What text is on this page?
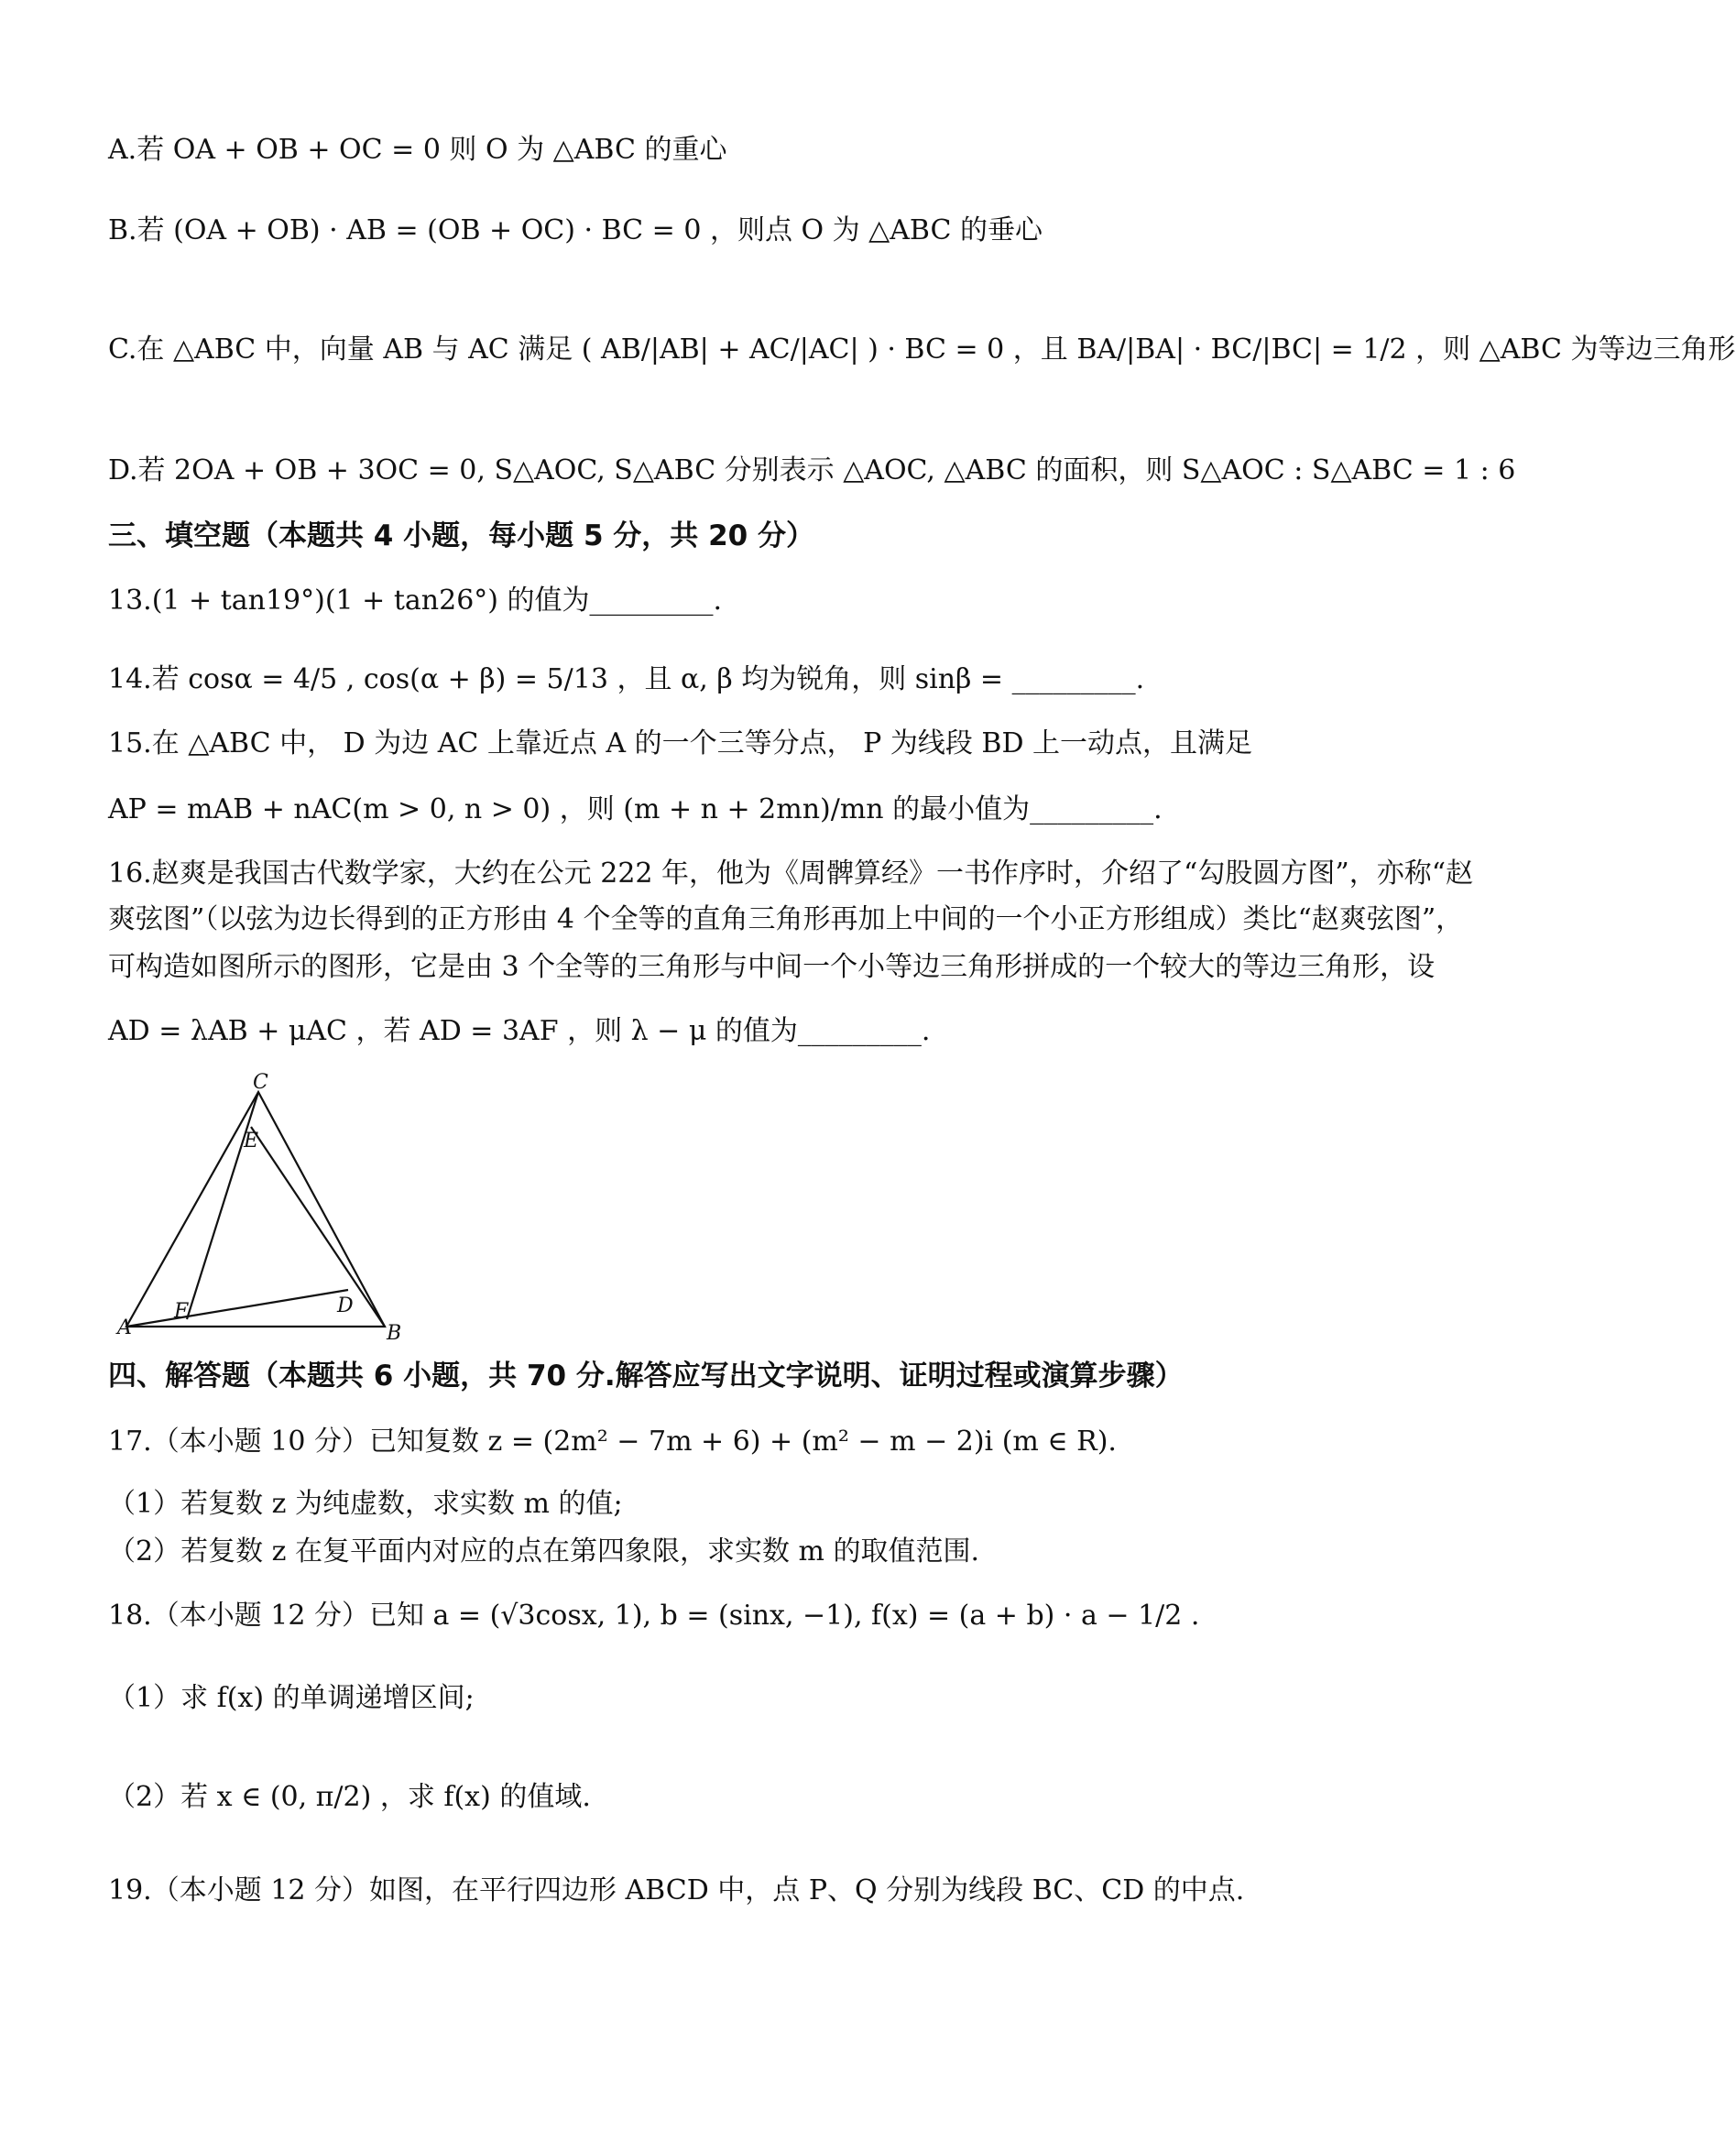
A.若 OA + OB + OC = 0 则 O 为 △ABC 的重心
B.若 (OA + OB) · AB = (OB + OC) · BC = 0 ，则点 O 为 △ABC 的垂心
C.在 △ABC 中，向量 AB 与 AC 满足 ( AB/|AB| + AC/|AC| ) · BC = 0 ，且 BA/|BA| · BC/|BC| = 1/2 ，则 △ABC 为等边三角形
D.若 2OA + OB + 3OC = 0, S△AOC, S△ABC 分别表示 △AOC, △ABC 的面积，则 S△AOC : S△ABC = 1 : 6
三、填空题（本题共 4 小题，每小题 5 分，共 20 分）
13.(1 + tan19°)(1 + tan26°) 的值为_________.
14.若 cosα = 4/5 , cos(α + β) = 5/13 ，且 α, β 均为锐角，则 sinβ = _________.
15.在 △ABC 中， D 为边 AC 上靠近点 A 的一个三等分点， P 为线段 BD 上一动点，且满足
AP = mAB + nAC(m > 0, n > 0) ，则 (m + n + 2mn)/mn 的最小值为_________.
16.赵爽是我国古代数学家，大约在公元 222 年，他为《周髀算经》一书作序时，介绍了“勾股圆方图”，亦称“赵
爽弦图”（以弦为边长得到的正方形由 4 个全等的直角三角形再加上中间的一个小正方形组成）类比“赵爽弦图”，
可构造如图所示的图形，它是由 3 个全等的三角形与中间一个小等边三角形拼成的一个较大的等边三角形，设
AD = λAB + μAC ，若 AD = 3AF ，则 λ − μ 的值为_________.
C
E
F	D
A	B
四、解答题（本题共 6 小题，共 70 分.解答应写出文字说明、证明过程或演算步骤）
17.（本小题 10 分）已知复数 z = (2m² − 7m + 6) + (m² − m − 2)i (m ∈ R).
（1）若复数 z 为纯虚数，求实数 m 的值;
（2）若复数 z 在复平面内对应的点在第四象限，求实数 m 的取值范围.
18.（本小题 12 分）已知 a = (√3cosx, 1), b = (sinx, −1), f(x) = (a + b) · a − 1/2 .
（1）求 f(x) 的单调递增区间;
（2）若 x ∈ (0, π/2) ，求 f(x) 的值域.
19.（本小题 12 分）如图，在平行四边形 ABCD 中，点 P、Q 分别为线段 BC、CD 的中点.
